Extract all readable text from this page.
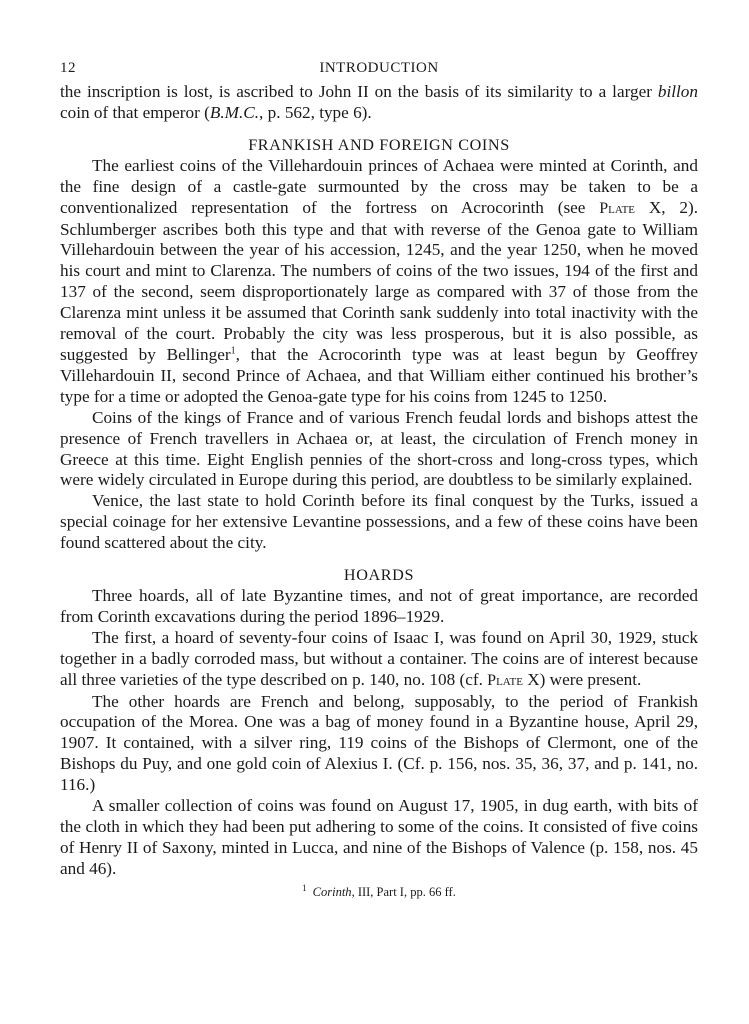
12	INTRODUCTION

the inscription is lost, is ascribed to John II on the basis of its similarity to a larger billon coin of that emperor (B.M.C., p. 562, type 6).

FRANKISH AND FOREIGN COINS

The earliest coins of the Villehardouin princes of Achaea were minted at Corinth, and the fine design of a castle-gate surmounted by the cross may be taken to be a conventionalized representation of the fortress on Acrocorinth (see Plate X, 2). Schlumberger ascribes both this type and that with reverse of the Genoa gate to William Villehardouin between the year of his accession, 1245, and the year 1250, when he moved his court and mint to Clarenza. The numbers of coins of the two issues, 194 of the first and 137 of the second, seem disproportionately large as compared with 37 of those from the Clarenza mint unless it be assumed that Corinth sank suddenly into total inactivity with the removal of the court. Probably the city was less prosperous, but it is also possible, as suggested by Bellinger$^1$, that the Acrocorinth type was at least begun by Geoffrey Villehardouin II, second Prince of Achaea, and that William either continued his brother’s type for a time or adopted the Genoa-gate type for his coins from 1245 to 1250.

Coins of the kings of France and of various French feudal lords and bishops attest the presence of French travellers in Achaea or, at least, the circulation of French money in Greece at this time. Eight English pennies of the short-cross and long-cross types, which were widely circulated in Europe during this period, are doubtless to be similarly explained.

Venice, the last state to hold Corinth before its final conquest by the Turks, issued a special coinage for her extensive Levantine possessions, and a few of these coins have been found scattered about the city.

HOARDS

Three hoards, all of late Byzantine times, and not of great importance, are recorded from Corinth excavations during the period 1896–1929.

The first, a hoard of seventy-four coins of Isaac I, was found on April 30, 1929, stuck together in a badly corroded mass, but without a container. The coins are of interest because all three varieties of the type described on p. 140, no. 108 (cf. Plate X) were present.

The other hoards are French and belong, supposably, to the period of Frankish occupation of the Morea. One was a bag of money found in a Byzantine house, April 29, 1907. It contained, with a silver ring, 119 coins of the Bishops of Clermont, one of the Bishops du Puy, and one gold coin of Alexius I. (Cf. p. 156, nos. 35, 36, 37, and p. 141, no. 116.)

A smaller collection of coins was found on August 17, 1905, in dug earth, with bits of the cloth in which they had been put adhering to some of the coins. It consisted of five coins of Henry II of Saxony, minted in Lucca, and nine of the Bishops of Valence (p. 158, nos. 45 and 46).

$^1$ Corinth, III, Part I, pp. 66 ff.
